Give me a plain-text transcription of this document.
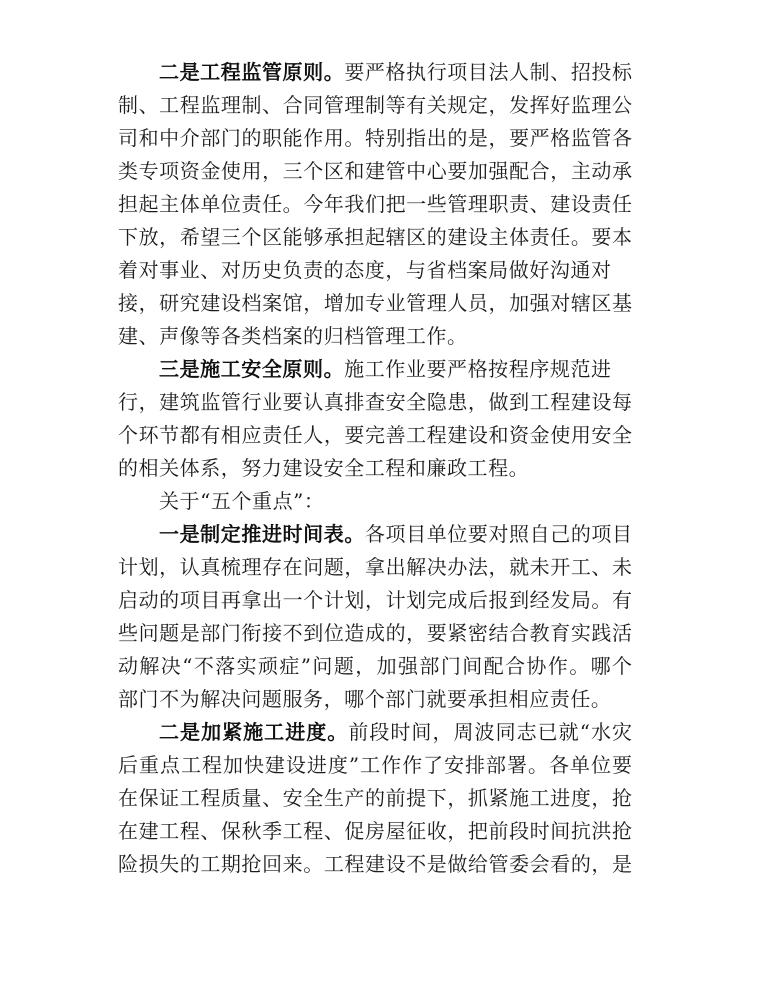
二是工程监管原则。要严格执行项目法人制、招投标
制、工程监理制、合同管理制等有关规定，发挥好监理公
司和中介部门的职能作用。特别指出的是，要严格监管各
类专项资金使用，三个区和建管中心要加强配合，主动承
担起主体单位责任。今年我们把一些管理职责、建设责任
下放，希望三个区能够承担起辖区的建设主体责任。要本
着对事业、对历史负责的态度，与省档案局做好沟通对
接，研究建设档案馆，增加专业管理人员，加强对辖区基
建、声像等各类档案的归档管理工作。
三是施工安全原则。施工作业要严格按程序规范进
行，建筑监管行业要认真排查安全隐患，做到工程建设每
个环节都有相应责任人，要完善工程建设和资金使用安全
的相关体系，努力建设安全工程和廉政工程。
关于“五个重点”：
一是制定推进时间表。各项目单位要对照自己的项目
计划，认真梳理存在问题，拿出解决办法，就未开工、未
启动的项目再拿出一个计划，计划完成后报到经发局。有
些问题是部门衔接不到位造成的，要紧密结合教育实践活
动解决“不落实顽症”问题，加强部门间配合协作。哪个
部门不为解决问题服务，哪个部门就要承担相应责任。
二是加紧施工进度。前段时间，周波同志已就“水灾
后重点工程加快建设进度”工作作了安排部署。各单位要
在保证工程质量、安全生产的前提下，抓紧施工进度，抢
在建工程、保秋季工程、促房屋征收，把前段时间抗洪抢
险损失的工期抢回来。工程建设不是做给管委会看的，是
